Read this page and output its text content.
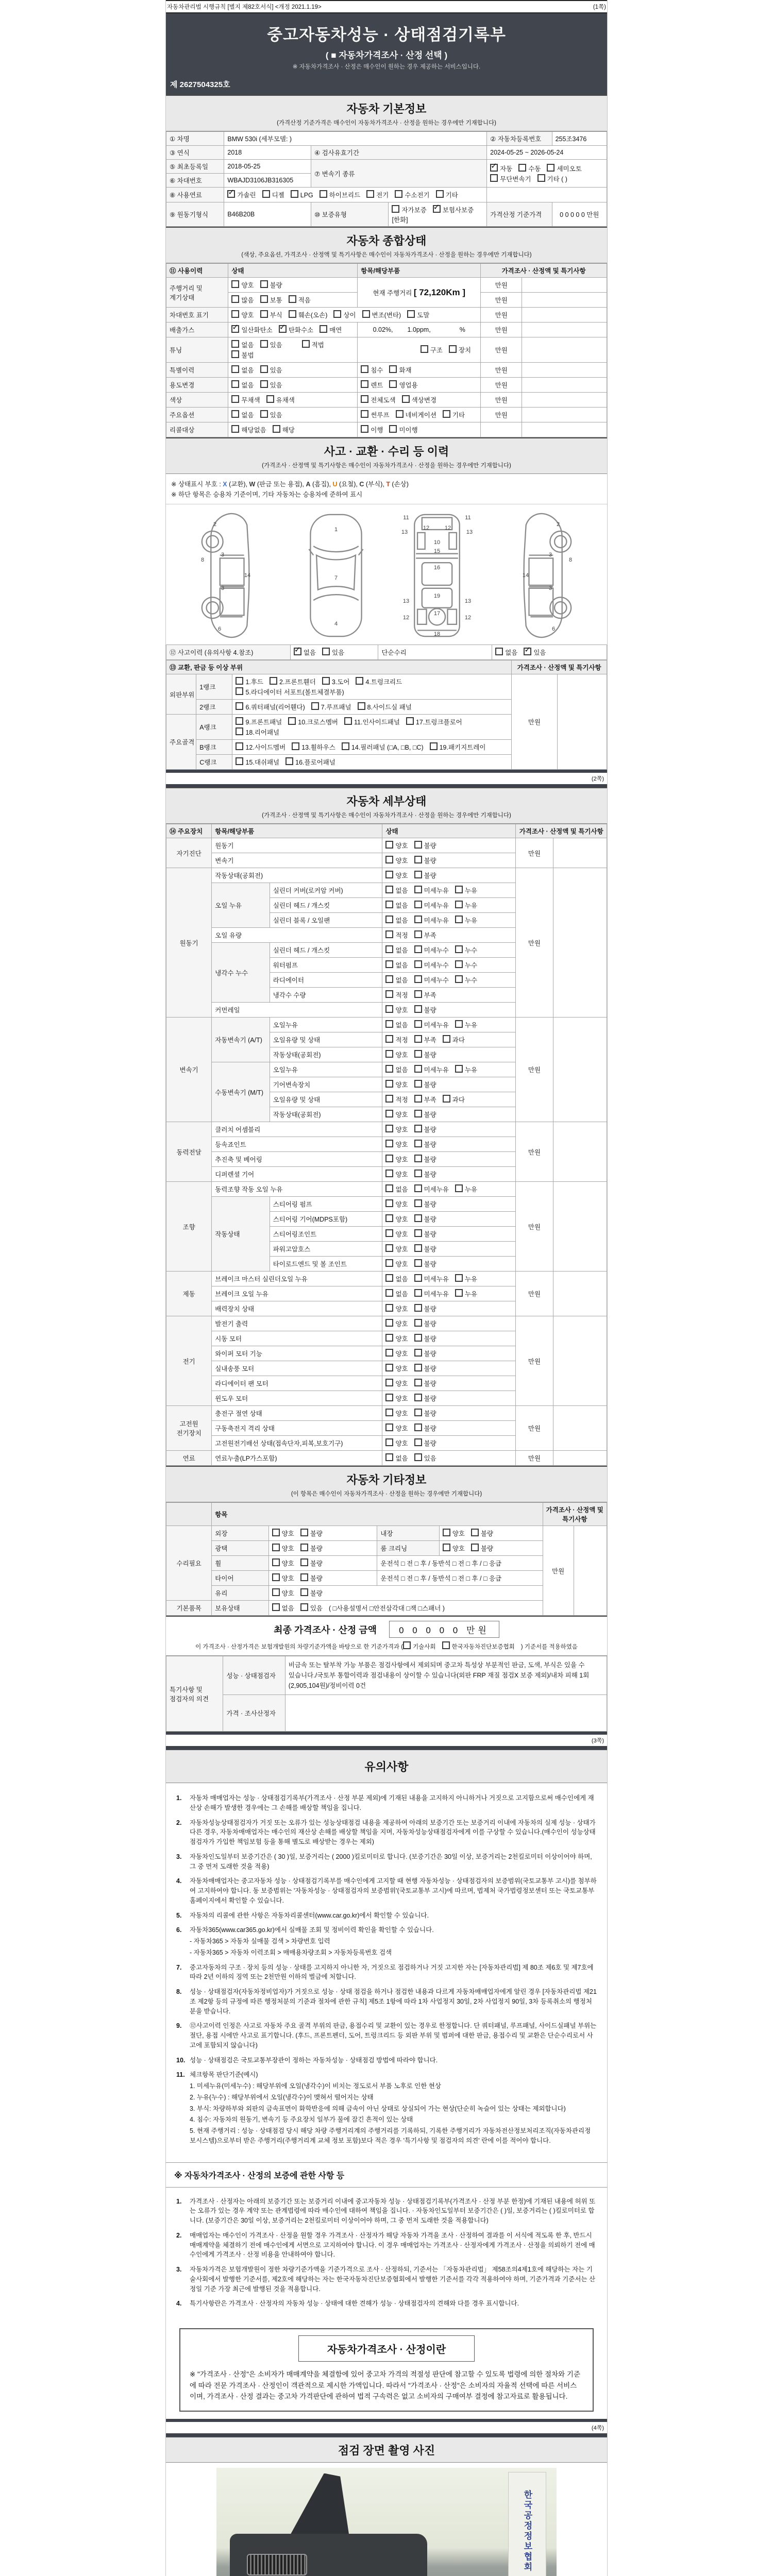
자동차관리법 시행규칙 [별지 제82호서식] <개정 2021.1.19>	(1쪽)
중고자동차성능 · 상태점검기록부
( ■ 자동차가격조사 · 산정 선택 )
※ 자동차가격조사 · 산정은 매수인이 원하는 경우 제공하는 서비스입니다.
제 2627504325호
자동차 기본정보
(가격산정 기준가격은 매수인이 자동차가격조사 · 산정을 원하는 경우에만 기재합니다)
① 차명	BMW 530i (세부모델: )			② 자동차등록번호	255조3476
③ 연식	2018	④ 검사유효기간		2024-05-25 ~ 2026-05-24	
⑤ 최초등록일	2018-05-25	⑦ 변속기 종류	✓자동 수동 세미오토무단변속기 기타 ( )
⑥ 차대번호	WBAJD3106JB316305				
⑧ 사용연료	✓가솔린 디젤 LPG 하이브리드 전기 수소전기 기타	
⑨ 원동기형식	B46B20B	⑩ 보증유형	자가보증 ✓ 보험사보증[한화]	가격산정 기준가격	0 0 0 0 0 만원
자동차 종합상태
(색상, 주요옵션, 가격조사 · 산정액 및 특기사항은 매수인이 자동차가격조사 · 산정을 원하는 경우에만 기재합니다)
⑪ 사용이력	상태	항목/해당부품	가격조사 · 산정액 및 특기사항	
주행거리 및 계기상태	양호 불량	현재 주행거리 [ 72,120Km ]	만원	
	많음 보통 적음		만원	
차대번호 표기	양호 부식 훼손(오손) 상이 변조(변타) 도말		만원	
배출가스	✓일산화탄소 ✓ 탄화수소 매연	0.02%, 1.0ppm, %	만원	
튜닝	없음 있음 적법불법	구조 장치	만원	
특별이력	없음 있음	침수 화재	만원	
용도변경	없음 있음	렌트 영업용	만원	
색상	무채색 유채색	전체도색 색상변경	만원	
주요옵션	없음 있음	썬루프 네비게이션 기타	만원	
리콜대상	해당없음 해당	이행 미이행		
사고 · 교환 · 수리 등 이력
(가격조사 · 산정액 및 특기사항은 매수인이 자동차가격조사 · 산정을 원하는 경우에만 기재합니다)
※ 상태표시 부호 : X (교환), W (판금 또는 용접), A (흠집), U (요철), C (부식), T (손상)
※ 하단 항목은 승용차 기준이며, 기타 자동차는 승용차에 준하여 표시
2
8
3
14
3
6
1
7
4
11	11
13
12	12
13
10
15
16
19
13	13
12	12
17
18
2
8
3
14
3
6
⑫ 사고이력 (유의사항 4.참조)	✓없음 있음	단순수리	없음 ✓ 있음
⑬ 교환, 판금 등 이상 부위			가격조사 · 산정액 및 특기사항	
외판부위	1랭크	1.후드 2.프론트휀더 3.도어 4.트렁크리드5.라디에이터 서포트(볼트체결부품)	만원	
	2랭크	6.쿼터패널(리어휀다) 7.루프패널 8.사이드실 패널		
주요골격	A랭크	9.프론트패널 10.크로스멤버 11.인사이드패널 17.트렁크플로어18.리어패널		
	B랭크	12.사이드멤버 13.휠하우스 14.필러패널 (□A, □B, □C) 19.패키지트레이		
	C랭크	15.대쉬패널 16.플로어패널		
(2쪽)
자동차 세부상태
(가격조사 · 산정액 및 특기사항은 매수인이 자동차가격조사 · 산정을 원하는 경우에만 기재합니다)
⑭ 주요장치	항목/해당부품		상태	가격조사 · 산정액 및 특기사항	
자기진단	원동기		양호 불량	만원	
	변속기		양호 불량		
원동기	작동상태(공회전)		양호 불량	만원	
	오일 누유	실린더 커버(로커암 커버)	없음 미세누유 누유		
		실린더 헤드 / 개스킷	없음 미세누유 누유		
		실린더 블록 / 오일팬	없음 미세누유 누유		
	오일 유량		적정 부족		
	냉각수 누수	실린더 헤드 / 개스킷	없음 미세누수 누수		
		워터펌프	없음 미세누수 누수		
		라디에이터	없음 미세누수 누수		
		냉각수 수량	적정 부족		
	커먼레일		양호 불량		
변속기	자동변속기 (A/T)	오일누유	없음 미세누유 누유	만원	
		오일유량 및 상태	적정 부족 과다		
		작동상태(공회전)	양호 불량		
	수동변속기 (M/T)	오일누유	없음 미세누유 누유		
		기어변속장치	양호 불량		
		오일유량 및 상태	적정 부족 과다		
		작동상태(공회전)	양호 불량		
동력전달	클러치 어셈블리		양호 불량	만원	
	등속죠인트		양호 불량		
	추진축 및 베어링		양호 불량		
	디퍼렌셜 기어		양호 불량		
조향	동력조향 작동 오일 누유		없음 미세누유 누유	만원	
	작동상태	스티어링 펌프	양호 불량		
		스티어링 기어(MDPS포함)	양호 불량		
		스티어링조인트	양호 불량		
		파워고압호스	양호 불량		
		타이로드엔드 및 볼 조인트	양호 불량		
제동	브레이크 마스터 실린더오일 누유		없음 미세누유 누유	만원	
	브레이크 오일 누유		없음 미세누유 누유		
	배력장치 상태		양호 불량		
전기	발전기 출력		양호 불량	만원	
	시동 모터		양호 불량		
	와이퍼 모터 기능		양호 불량		
	실내송풍 모터		양호 불량		
	라디에이터 팬 모터		양호 불량		
	윈도우 모터		양호 불량		
고전원 전기장치	충전구 절연 상태		양호 불량	만원	
	구동축전지 격리 상태		양호 불량		
	고전원전기배선 상태(접속단자,피복,보호기구)		양호 불량		
연료	연료누출(LP가스포함)		없음 있음	만원	
자동차 기타정보
(이 항목은 매수인이 자동차가격조사 · 산정을 원하는 경우에만 기재합니다)
	항목				가격조사 · 산정액 및 특기사항	
수리필요	외장	양호 불량	내장	양호 불량	만원	
	광택	양호 불량	룸 크리닝	양호 불량		
	휠	양호 불량	운전석 □ 전 □ 후 / 동반석 □ 전 □ 후 / □ 응급			
	타이어	양호 불량	운전석 □ 전 □ 후 / 동반석 □ 전 □ 후 / □ 응급			
	유리	양호 불량				
기본품목	보유상태	없음 있음 ( □사용설명서 □안전삼각대 □잭 □스패너 )				
최종 가격조사 · 산정 금액	0 0 0 0 0 만원
이 가격조사 · 산정가격은 보험개발원의 차량기준가액을 바탕으로 한 기준가격과 ( 기술사회	한국자동차진단보증협회 ) 기준서를 적용하였음
특기사항 및 점검자의 의견	성능 · 상태점검자	비금속 또는 탈부착 가능 부품은 점검사항에서 제외되며 중고차 특성상 부분적인 판금, 도색, 부식은 있을 수 있습니다./국토부 통합이력과 점검내용이 상이할 수 있습니다(외판 FRP 재질 점검X 보증 제외)/내차 피해 1회(2,905,104원)/정비이력 0건
	가격 · 조사산정자	
(3쪽)
유의사항
1.	자동차 매매업자는 성능 · 상태점검기록부(가격조사 · 산정 부분 제외)에 기재된 내용을 고지하지 아니하거나 거짓으로 고지함으로써 매수인에게 재산상 손해가 발생한 경우에는 그 손해를 배상할 책임을 집니다.
2.	자동차성능상태점검자가 거짓 또는 오류가 있는 성능상태점검 내용을 제공하여 아래의 보증기간 또는 보증거리 이내에 자동차의 실제 성능 · 상태가 다른 경우, 자동차매매업자는 매수인의 재산상 손해를 배상할 책임을 지며, 자동차성능상태점검자에게 이를 구상할 수 있습니다.(매수인이 성능상태점검자가 가입한 책임보험 등을 통해 별도로 배상받는 경우는 제외)
3.	자동차인도일부터 보증기간은 ( 30 )일, 보증거리는 ( 2000 )킬로미터로 합니다. (보증기간은 30일 이상, 보증거리는 2천킬로미터 이상이어야 하며, 그 중 먼저 도래한 것을 적용)
4.	자동차매매업자는 중고자동차 성능 · 상태점검기록부를 매수인에게 고지할 때 현행 자동차성능 · 상태점검자의 보증범위(국토교통부 고시)를 첨부하여 고지하여야 합니다. 동 보증범위는 '자동차성능 · 상태점검자의 보증범위'(국토교통부 고시)에 따르며, 법제처 국가법령정보센터 또는 국토교통부 홈페이지에서 확인할 수 있습니다.
5.	자동차의 리콜에 관한 사항은 자동차리콜센터(www.car.go.kr)에서 확인할 수 있습니다.
6.	자동차365(www.car365.go.kr)에서 실매물 조회 및 정비이력 확인을 확인할 수 있습니다.
- 자동차365 > 자동차 실매물 검색 > 차량번호 입력
- 자동차365 > 자동차 이력조회 > 매매용차량조회 > 자동차등록번호 검색
7.	중고자동차의 구조 · 장치 등의 성능 · 상태를 고지하지 아니한 자, 거짓으로 점검하거나 거짓 고지한 자는 [자동차관리법] 제 80조 제6호 및 제7호에 따라 2년 이하의 징역 또는 2천만원 이하의 벌금에 처합니다.
8.	성능 · 상태점검자(자동차정비업자)가 거짓으로 성능 · 상태 점검을 하거나 점검한 내용과 다르게 자동차매매업자에게 알린 경우 [자동차관리법 제21조 제2항 등의 규정에 따른 행정처분의 기준과 절차에 관한 규칙] 제5조 1항에 따라 1차 사업정지 30일, 2차 사업정지 90일, 3차 등록취소의 행정처분을 받습니다.
9.	⑫사고이력 인정은 사고로 자동차 주요 골격 부위의 판금, 용접수리 및 교환이 있는 경우로 한정합니다. 단 쿼터패널, 루프패널, 사이드실패널 부위는 절단, 용접 시에만 사고로 표기합니다. (후드, 프론트펜더, 도어, 트렁크리드 등 외판 부위 및 범퍼에 대한 판금, 용접수리 및 교환은 단순수리로서 사고에 포함되지 않습니다)
10. 성능 · 상태점검은 국토교통부장관이 정하는 자동차성능 · 상태점검 방법에 따라야 합니다.
11. 체크항목 판단기준(예시)
1. 미세누유(미세누수) : 해당부위에 오일(냉각수)이 비치는 정도로서 부품 노후로 인한 현상
2. 누유(누수) : 해당부위에서 오일(냉각수)이 맺혀서 떨어지는 상태
3. 부식: 차량하부와 외판의 금속표면이 화학반응에 의해 금속이 아닌 상태로 상실되어 가는 현상(단순히 녹슬어 있는 상태는 제외합니다)
4. 침수: 자동차의 원동기, 변속기 등 주요장치 일부가 물에 잠긴 흔적이 있는 상태
5. 현재 주행거리 : 성능 · 상태점검 당시 해당 차량 주행거리계의 주행거리를 기록하되, 기록한 주행거리가 자동차전산정보처리조직(자동차관리정보시스템)으로부터 받은 주행거리(주행거리계 교체 정보 포함)보다 적은 경우 '특기사항 및 점검자의 의견' 란에 이를 적어야 합니다.
※ 자동차가격조사 · 산정의 보증에 관한 사항 등
1.	가격조사 · 산정자는 아래의 보증기간 또는 보증거리 이내에 중고자동차 성능 · 상태점검기록부(가격조사 · 산정 부분 한정)에 기재된 내용에 허위 또는 오류가 있는 경우 계약 또는 관계법령에 따라 매수인에 대하여 책임을 집니다. · 자동차인도일부터 보증기간은 ( )일, 보증거리는 ( )킬로미터로 합니다. (보증기간은 30일 이상, 보증거리는 2천킬로미터 이상이어야 하며, 그 중 먼저 도래한 것을 적용합니다)
2.	매매업자는 매수인이 가격조사 · 산정을 원할 경우 가격조사 · 산정자가 해당 자동차 가격을 조사 · 산정하여 결과를 이 서식에 적도록 한 후, 반드시 매매계약을 체결하기 전에 매수인에게 서면으로 고지하여야 합니다. 이 경우 매매업자는 가격조사 · 산정자에게 가격조사 · 산정을 의뢰하기 전에 매수인에게 가격조사 · 산정 비용을 안내하여야 합니다.
3.	자동차가격은 보험개발원이 정한 차량기준가액을 기준가격으로 조사 · 산정하되, 기준서는 「자동차관리법」 제58조의4제1호에 해당하는 자는 기술사회에서 발행한 기준서를, 제2호에 해당하는 자는 한국자동차진단보증협회에서 발행한 기준서를 각각 적용하여야 하며, 기준가격과 기준서는 산정일 기준 가장 최근에 발행된 것을 적용합니다.
4.	특기사항란은 가격조사 · 산정자의 자동차 성능 · 상태에 대한 견해가 성능 · 상태점검자의 견해와 다를 경우 표시합니다.
자동차가격조사 · 산정이란
※ "가격조사 · 산정"은 소비자가 매매계약을 체결함에 있어 중고차 가격의 적절성 판단에 참고할 수 있도록 법령에 의한 절차와 기준에 따라 전문 가격조사 · 산정인이 객관적으로 제시한 가액입니다. 따라서 "가격조사 · 산정"은 소비자의 자율적 선택에 따른 서비스이며, 가격조사 · 산정 결과는 중고차 가격판단에 관하여 법적 구속력은 없고 소비자의 구매여부 결정에 참고자료로 활용됩니다.
(4쪽)
점검 장면 촬영 사진
한국공정정보협회
